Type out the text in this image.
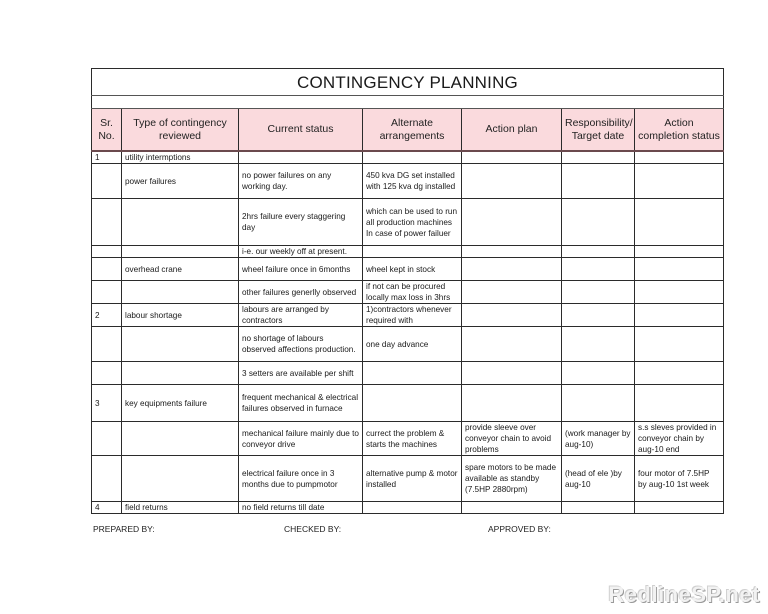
CONTINGENCY PLANNING						

Sr. No.	Type of contingency reviewed	Current status	Alternate arrangements	Action plan	Responsibility/ Target date	Action completion status
1	utility intermptions					
	power failures	no power failures on any working day.	450 kva DG set installed with 125 kva dg installed			
		2hrs failure every staggering day	which can be used to run all production machines In case of power failuer			
		i-e. our weekly off at present.				
	overhead crane	wheel failure once in 6months	wheel kept in stock			
		other failures generlly observed	if not can be procured locally max loss in 3hrs			
2	labour shortage	labours are arranged by contractors	1)contractors whenever required with			
		no shortage of labours observed affections production.	one day advance			
		3 setters are available per shift				
3	key equipments failure	frequent mechanical & electrical failures observed in furnace				
		mechanical failure mainly due to conveyor drive	currect the problem & starts the machines	provide sleeve over conveyor chain to avoid problems	(work manager by aug-10)	s.s sleves provided in conveyor chain by aug-10 end
		electrical failure once in 3 months due to pumpmotor	alternative pump & motor installed	spare motors to be made available as standby (7.5HP 2880rpm)	(head of ele )by aug-10	four motor of 7.5HP by aug-10 1st week
4	field returns	no field returns till date				
PREPARED BY:	CHECKED BY:	APPROVED BY:
RedlineSP.net
